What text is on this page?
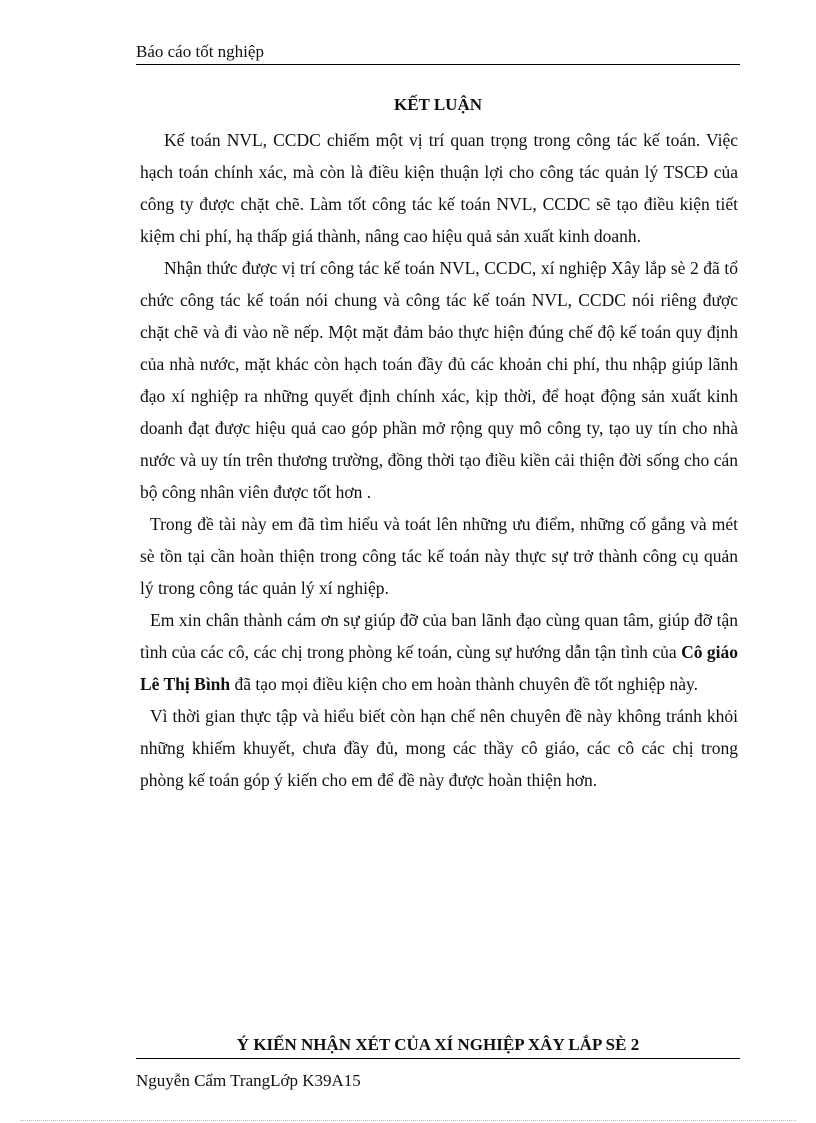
Báo cáo tốt nghiệp
KẾT LUẬN

Kế toán NVL, CCDC chiếm một vị trí quan trọng trong công tác kế toán. Việc hạch toán chính xác, mà còn là điều kiện thuận lợi cho công tác quản lý TSCĐ của công ty được chặt chẽ. Làm tốt công tác kế toán NVL, CCDC sẽ tạo điều kiện tiết kiệm chi phí, hạ thấp giá thành, nâng cao hiệu quả sản xuất kinh doanh.

Nhận thức được vị trí công tác kế toán NVL, CCDC, xí nghiệp Xây lắp sè 2 đã tổ chức công tác kế toán nói chung và công tác kế toán NVL, CCDC nói riêng được chặt chẽ và đi vào nề nếp. Một mặt đảm bảo thực hiện đúng chế độ kế toán quy định của nhà nước, mặt khác còn hạch toán đầy đủ các khoản chi phí, thu nhập giúp lãnh đạo xí nghiệp ra những quyết định chính xác, kịp thời, để hoạt động sản xuất kinh doanh đạt được hiệu quả cao góp phần mở rộng quy mô công ty, tạo uy tín cho nhà nước và uy tín trên thương trường, đồng thời tạo điều kiền cải thiện đời sống cho cán bộ công nhân viên được tốt hơn .

Trong đề tài này em đã tìm hiểu và toát lên những ưu điểm, những cố gắng và mét sè tồn tại cần hoàn thiện trong công tác kế toán này thực sự trở thành công cụ quản lý trong công tác quản lý xí nghiệp.

Em xin chân thành cám ơn sự giúp đỡ của ban lãnh đạo cùng quan tâm, giúp đỡ tận tình của các cô, các chị trong phòng kế toán, cùng sự hướng dẫn tận tình của Cô giáo Lê Thị Bình đã tạo mọi điều kiện cho em hoàn thành chuyên đề tốt nghiệp này.

Vì thời gian thực tập và hiểu biết còn hạn chế nên chuyên đề này không tránh khỏi những khiếm khuyết, chưa đầy đủ, mong các thầy cô giáo, các cô các chị trong phòng kế toán góp ý kiến cho em để đề này được hoàn thiện hơn.

Ý KIẾN NHẬN XÉT CỦA XÍ NGHIỆP XÂY LẮP SÈ 2
Nguyễn Cẩm TrangLớp K39A15
